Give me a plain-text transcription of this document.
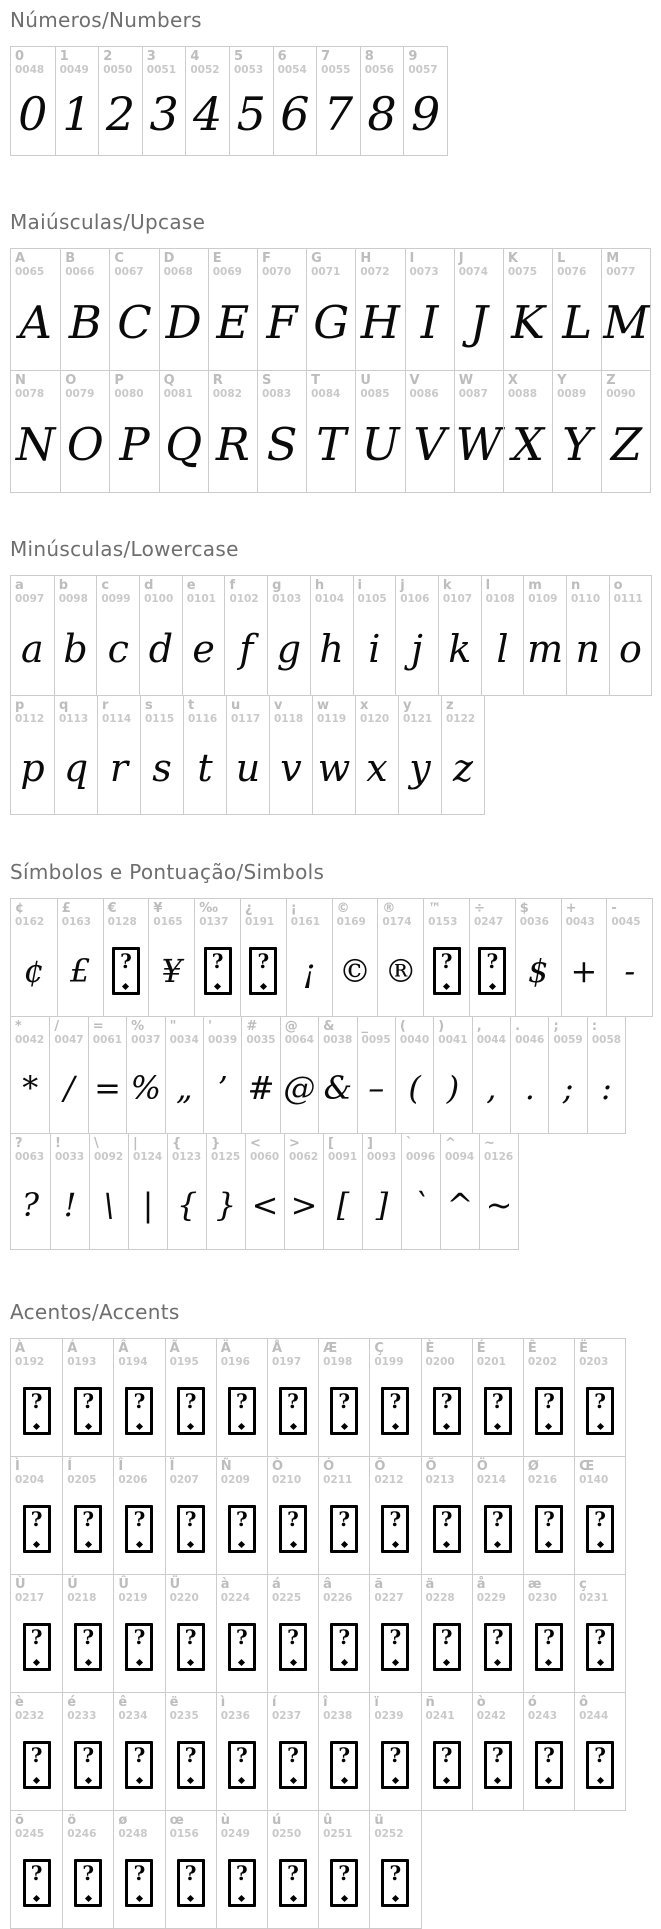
Números/Numbers
0
0048
0
1
0049
1
2
0050
2
3
0051
3
4
0052
4
5
0053
5
6
0054
6
7
0055
7
8
0056
8
9
0057
9
Maiúsculas/Upcase
A
0065
A
B
0066
B
C
0067
C
D
0068
D
E
0069
E
F
0070
F
G
0071
G
H
0072
H
I
0073
I
J
0074
J
K
0075
K
L
0076
L
M
0077
M
N
0078
N
O
0079
O
P
0080
P
Q
0081
Q
R
0082
R
S
0083
S
T
0084
T
U
0085
U
V
0086
V
W
0087
W
X
0088
X
Y
0089
Y
Z
0090
Z
Minúsculas/Lowercase
a
0097
a
b
0098
b
c
0099
c
d
0100
d
e
0101
e
f
0102
f
g
0103
g
h
0104
h
i
0105
i
j
0106
j
k
0107
k
l
0108
l
m
0109
m
n
0110
n
o
0111
o
p
0112
p
q
0113
q
r
0114
r
s
0115
s
t
0116
t
u
0117
u
v
0118
v
w
0119
w
x
0120
x
y
0121
y
z
0122
z
Símbolos e Pontuação/Simbols
¢
0162
¢
£
0163
£
€
0128
?
¥
0165
¥
‰
0137
?
¿
0191
?
¡
0161
¡
©
0169
©
®
0174
®
™
0153
?
÷
0247
?
$
0036
$
+
0043
+
-
0045
-
*
0042
*
/
0047
/
=
0061
=
%
0037
%
"
0034
„
'
0039
’
#
0035
#
@
0064
@
&
0038
&
_
0095
–
(
0040
(
)
0041
)
,
0044
,
.
0046
.
;
0059
;
:
0058
:
?
0063
?
!
0033
!
\
0092
\
|
0124
|
{
0123
{
}
0125
}
<
0060
<
>
0062
>
[
0091
[
]
0093
]
`
0096
`
^
0094
^
~
0126
~
Acentos/Accents
À
0192
?
Á
0193
?
Â
0194
?
Ã
0195
?
Ä
0196
?
Å
0197
?
Æ
0198
?
Ç
0199
?
È
0200
?
É
0201
?
Ê
0202
?
Ë
0203
?
Ì
0204
?
Í
0205
?
Î
0206
?
Ï
0207
?
Ñ
0209
?
Ò
0210
?
Ó
0211
?
Ô
0212
?
Õ
0213
?
Ö
0214
?
Ø
0216
?
Œ
0140
?
Ù
0217
?
Ú
0218
?
Û
0219
?
Ü
0220
?
à
0224
?
á
0225
?
â
0226
?
ã
0227
?
ä
0228
?
å
0229
?
æ
0230
?
ç
0231
?
è
0232
?
é
0233
?
ê
0234
?
ë
0235
?
ì
0236
?
í
0237
?
î
0238
?
ï
0239
?
ñ
0241
?
ò
0242
?
ó
0243
?
ô
0244
?
õ
0245
?
ö
0246
?
ø
0248
?
œ
0156
?
ù
0249
?
ú
0250
?
û
0251
?
ü
0252
?
